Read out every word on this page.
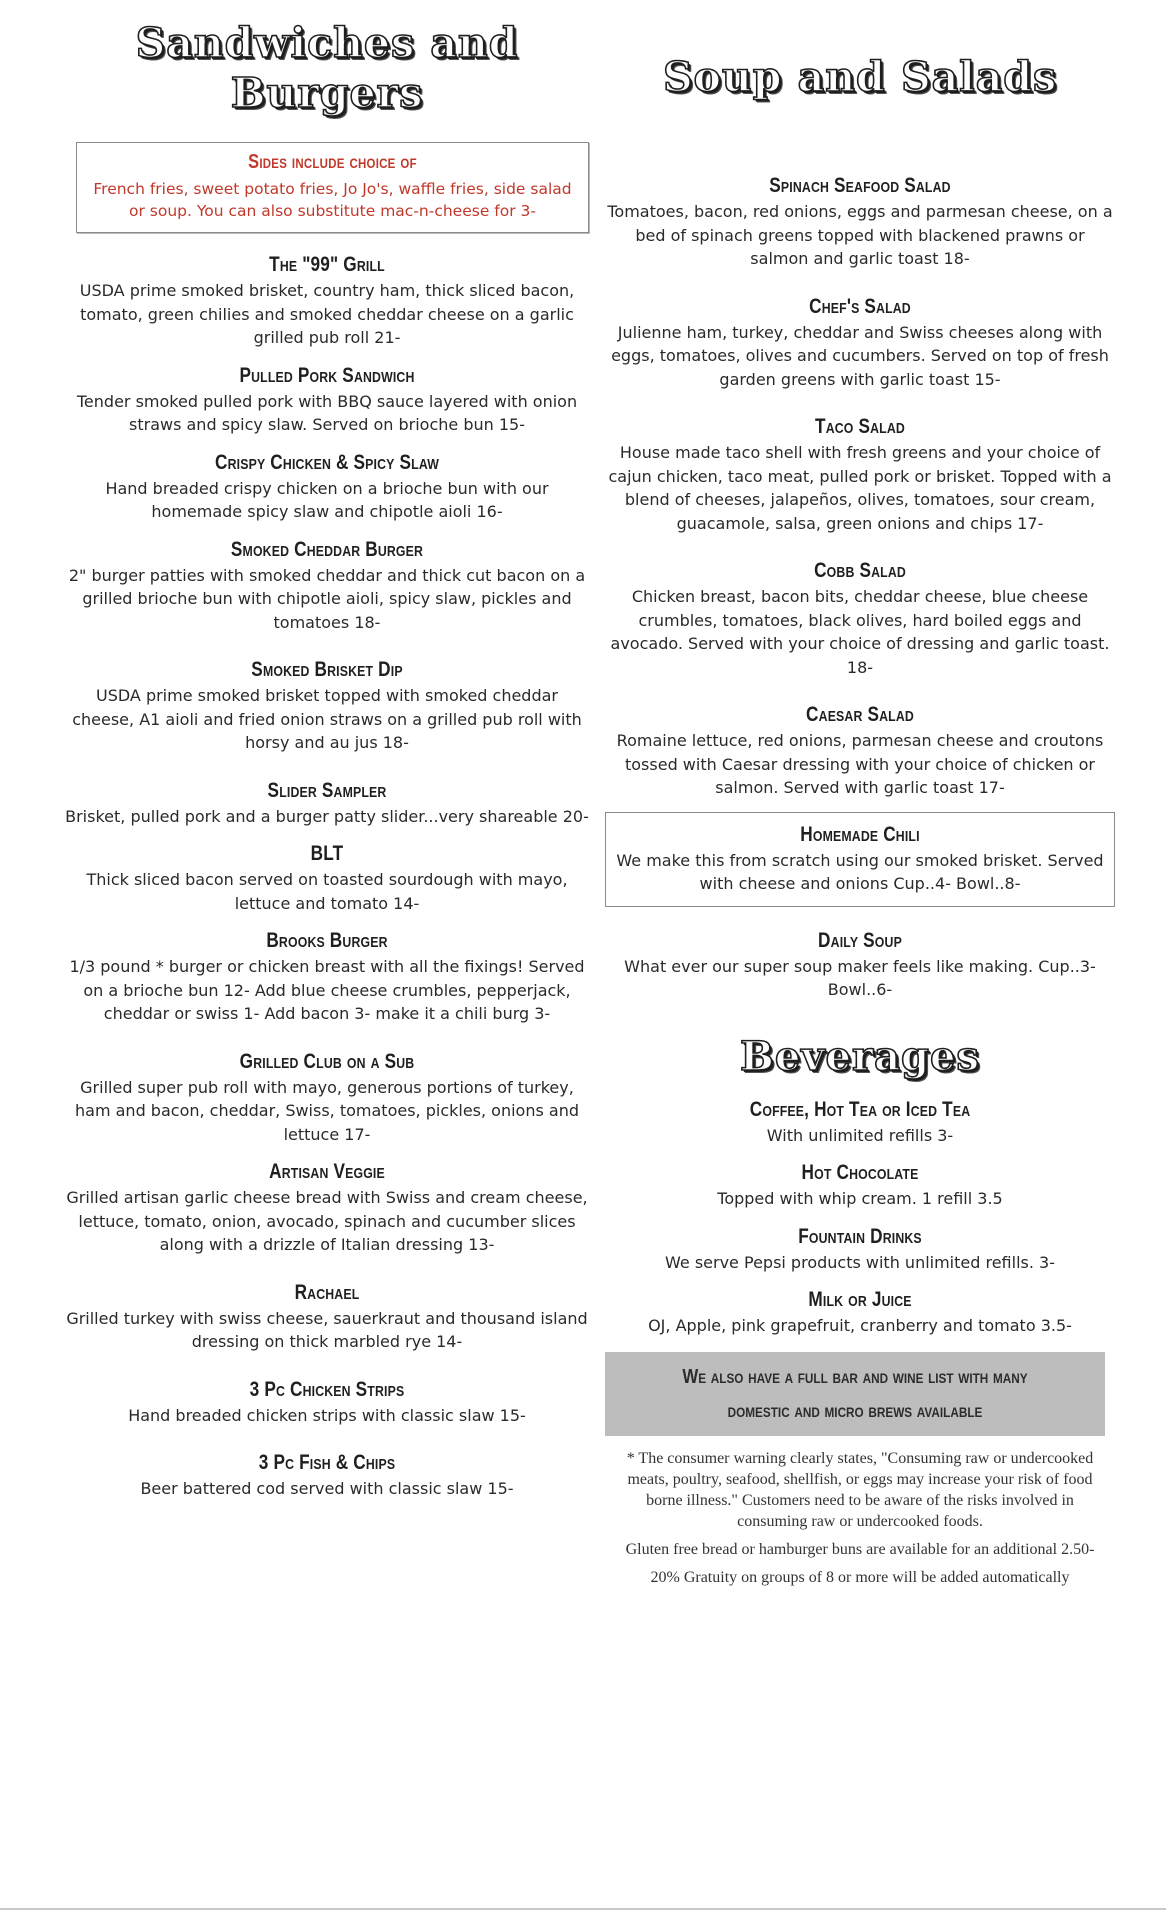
Sandwiches and Burgers
Sides include choice of
French fries, sweet potato fries, Jo Jo's, waffle fries, side salad or soup. You can also substitute mac-n-cheese for 3-
The "99" Grill
USDA prime smoked brisket, country ham, thick sliced bacon, tomato, green chilies and smoked cheddar cheese on a garlic grilled pub roll 21-
Pulled Pork Sandwich
Tender smoked pulled pork with BBQ sauce layered with onion straws and spicy slaw. Served on brioche bun 15-
Crispy Chicken & Spicy Slaw
Hand breaded crispy chicken on a brioche bun with our homemade spicy slaw and chipotle aioli 16-
Smoked Cheddar Burger
2" burger patties with smoked cheddar and thick cut bacon on a grilled brioche bun with chipotle aioli, spicy slaw, pickles and tomatoes 18-
Smoked Brisket Dip
USDA prime smoked brisket topped with smoked cheddar cheese, A1 aioli and fried onion straws on a grilled pub roll with horsy and au jus 18-
Slider Sampler
Brisket, pulled pork and a burger patty slider...very shareable 20-
BLT
Thick sliced bacon served on toasted sourdough with mayo, lettuce and tomato 14-
Brooks Burger
1/3 pound * burger or chicken breast with all the fixings! Served on a brioche bun 12- Add blue cheese crumbles, pepperjack, cheddar or swiss 1- Add bacon 3- make it a chili burg 3-
Grilled Club on a Sub
Grilled super pub roll with mayo, generous portions of turkey, ham and bacon, cheddar, Swiss, tomatoes, pickles, onions and lettuce 17-
Artisan Veggie
Grilled artisan garlic cheese bread with Swiss and cream cheese, lettuce, tomato, onion, avocado, spinach and cucumber slices along with a drizzle of Italian dressing 13-
Rachael
Grilled turkey with swiss cheese, sauerkraut and thousand island dressing on thick marbled rye 14-
3 Pc Chicken Strips
Hand breaded chicken strips with classic slaw 15-
3 Pc Fish & Chips
Beer battered cod served with classic slaw 15-
Soup and Salads
Spinach Seafood Salad
Tomatoes, bacon, red onions, eggs and parmesan cheese, on a bed of spinach greens topped with blackened prawns or salmon and garlic toast 18-
Chef's Salad
Julienne ham, turkey, cheddar and Swiss cheeses along with eggs, tomatoes, olives and cucumbers. Served on top of fresh garden greens with garlic toast 15-
Taco Salad
House made taco shell with fresh greens and your choice of cajun chicken, taco meat, pulled pork or brisket. Topped with a blend of cheeses, jalapeños, olives, tomatoes, sour cream, guacamole, salsa, green onions and chips 17-
Cobb Salad
Chicken breast, bacon bits, cheddar cheese, blue cheese crumbles, tomatoes, black olives, hard boiled eggs and avocado. Served with your choice of dressing and garlic toast. 18-
Caesar Salad
Romaine lettuce, red onions, parmesan cheese and croutons tossed with Caesar dressing with your choice of chicken or salmon. Served with garlic toast 17-
Homemade Chili
We make this from scratch using our smoked brisket. Served with cheese and onions Cup..4- Bowl..8-
Daily Soup
What ever our super soup maker feels like making. Cup..3- Bowl..6-
Beverages
Coffee, Hot Tea or Iced Tea
With unlimited refills 3-
Hot Chocolate
Topped with whip cream. 1 refill 3.5
Fountain Drinks
We serve Pepsi products with unlimited refills. 3-
Milk or Juice
OJ, Apple, pink grapefruit, cranberry and tomato 3.5-
We also have a full bar and wine list with many domestic and micro brews available
* The consumer warning clearly states, "Consuming raw or undercooked meats, poultry, seafood, shellfish, or eggs may increase your risk of food borne illness." Customers need to be aware of the risks involved in consuming raw or undercooked foods.
Gluten free bread or hamburger buns are available for an additional 2.50-
20% Gratuity on groups of 8 or more will be added automatically
